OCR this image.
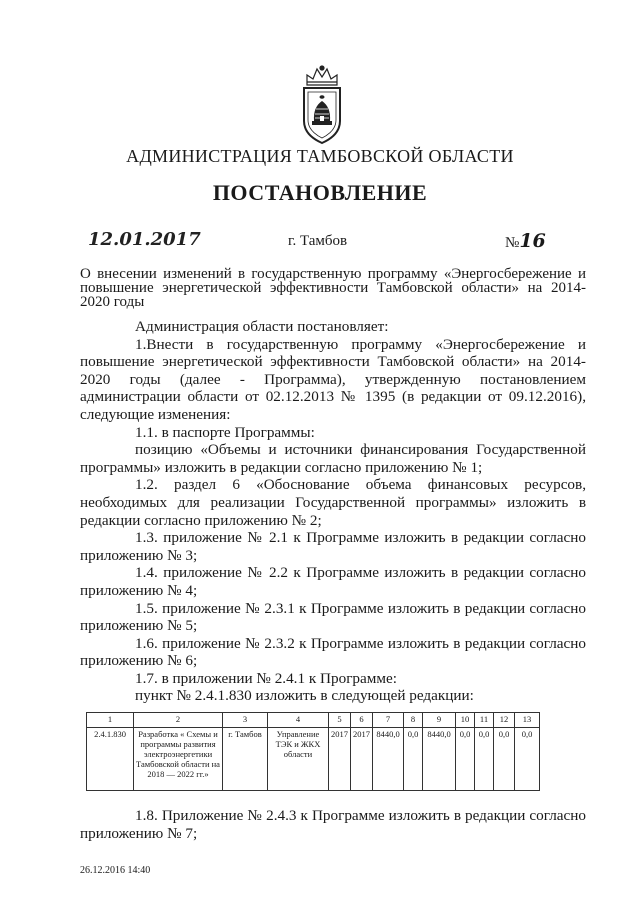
АДМИНИСТРАЦИЯ ТАМБОВСКОЙ ОБЛАСТИ
ПОСТАНОВЛЕНИЕ
12.01.2017	г. Тамбов	№16
О внесении изменений в государственную программу «Энергосбережение и повышение энергетической эффективности Тамбовской области» на 2014-2020 годы

Администрация области постановляет:

1.Внести в государственную программу «Энергосбережение и повышение энергетической эффективности Тамбовской области» на 2014-2020 годы (далее - Программа), утвержденную постановлением администрации области от 02.12.2013 № 1395 (в редакции от 09.12.2016), следующие изменения:

1.1. в паспорте Программы:

позицию «Объемы и источники финансирования Государственной программы» изложить в редакции согласно приложению № 1;

1.2. раздел 6 «Обоснование объема финансовых ресурсов, необходимых для реализации Государственной программы» изложить в редакции согласно приложению № 2;

1.3. приложение № 2.1 к Программе изложить в редакции согласно приложению № 3;

1.4. приложение № 2.2 к Программе изложить в редакции согласно приложению № 4;

1.5. приложение № 2.3.1 к Программе изложить в редакции согласно приложению № 5;

1.6. приложение № 2.3.2 к Программе изложить в редакции согласно приложению № 6;

1.7. в приложении № 2.4.1 к Программе:

пункт № 2.4.1.830 изложить в следующей редакции:

1	2	3	4	5	6	7	8	9	10	11	12	13
2.4.1.830	Разработка « Схемы и программы развития электроэнергетики Тамбовской области на 2018 — 2022 гг.»	г. Тамбов	Управление ТЭК и ЖКХ области	2017	2017	8440,0	0,0	8440,0	0,0	0,0	0,0	0,0

1.8. Приложение № 2.4.3 к Программе изложить в редакции согласно приложению № 7;

26.12.2016 14:40
